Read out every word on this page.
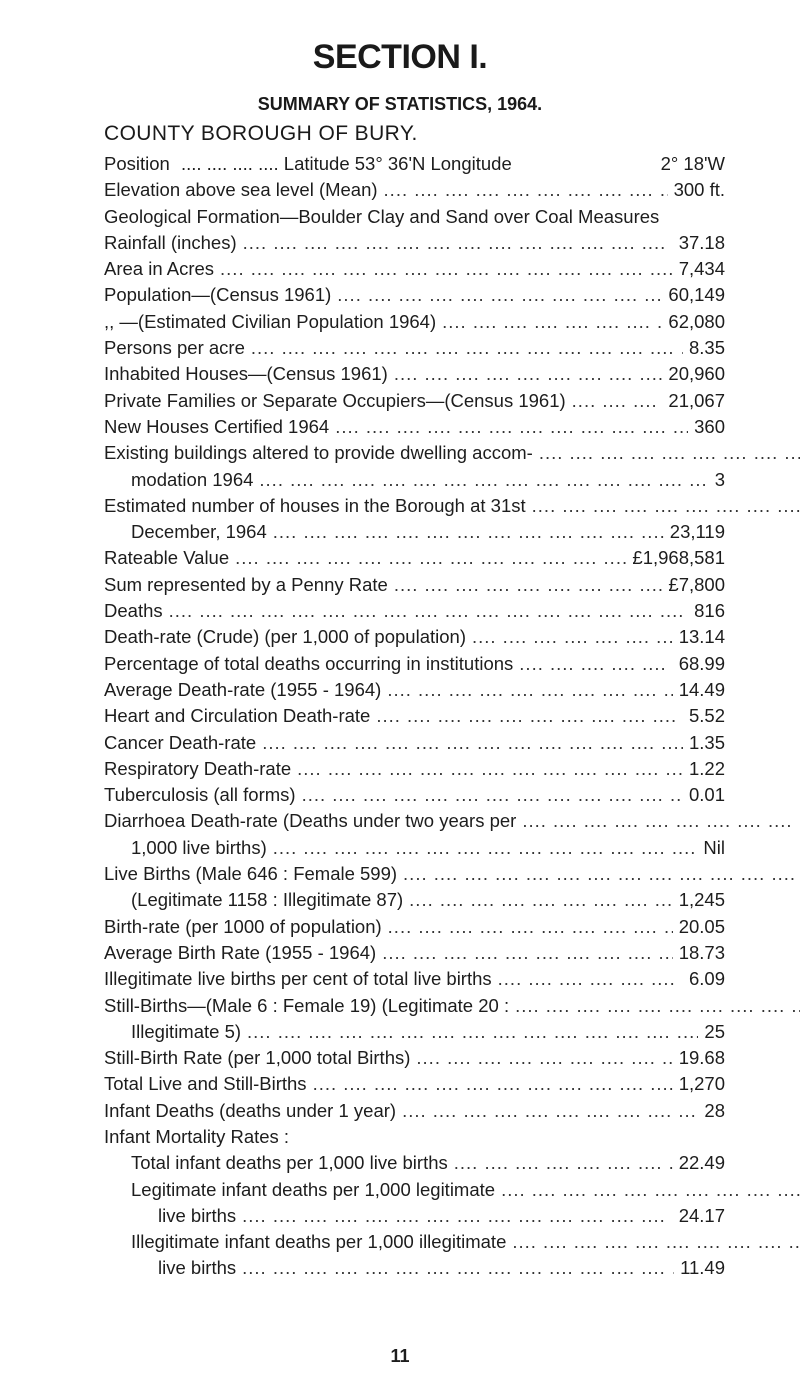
SECTION I.
SUMMARY OF STATISTICS, 1964.
COUNTY BOROUGH OF BURY.
Position .... .... .... .... Latitude 53° 36'N Longitude	2° 18'W
Elevation above sea level (Mean) ....	300 ft.
Geological Formation—Boulder Clay and Sand over Coal Measures
Rainfall (inches) ....	37.18
Area in Acres ....	7,434
Population—(Census 1961) ....	60,149
,, —(Estimated Civilian Population 1964) ....	62,080
Persons per acre ....	8.35
Inhabited Houses—(Census 1961) ....	20,960
Private Families or Separate Occupiers—(Census 1961) ....	21,067
New Houses Certified 1964 ....	360
Existing buildings altered to provide dwelling accom- ....
modation 1964 ....	3
Estimated number of houses in the Borough at 31st ....
December, 1964 ....	23,119
Rateable Value ....	£1,968,581
Sum represented by a Penny Rate ....	£7,800
Deaths ....	816
Death-rate (Crude) (per 1,000 of population) ....	13.14
Percentage of total deaths occurring in institutions ....	68.99
Average Death-rate (1955 - 1964) ....	14.49
Heart and Circulation Death-rate ....	5.52
Cancer Death-rate ....	1.35
Respiratory Death-rate ....	1.22
Tuberculosis (all forms) ....	0.01
Diarrhoea Death-rate (Deaths under two years per ....
1,000 live births) ....	Nil
Live Births (Male 646 : Female 599) ....
(Legitimate 1158 : Illegitimate 87) ....	1,245
Birth-rate (per 1000 of population) ....	20.05
Average Birth Rate (1955 - 1964) ....	18.73
Illegitimate live births per cent of total live births ....	6.09
Still-Births—(Male 6 : Female 19) (Legitimate 20 : ....
Illegitimate 5) ....	25
Still-Birth Rate (per 1,000 total Births) ....	19.68
Total Live and Still-Births ....	1,270
Infant Deaths (deaths under 1 year) ....	28
Infant Mortality Rates :
Total infant deaths per 1,000 live births ....	22.49
Legitimate infant deaths per 1,000 legitimate ....
live births ....	24.17
Illegitimate infant deaths per 1,000 illegitimate ....
live births ....	11.49
11
